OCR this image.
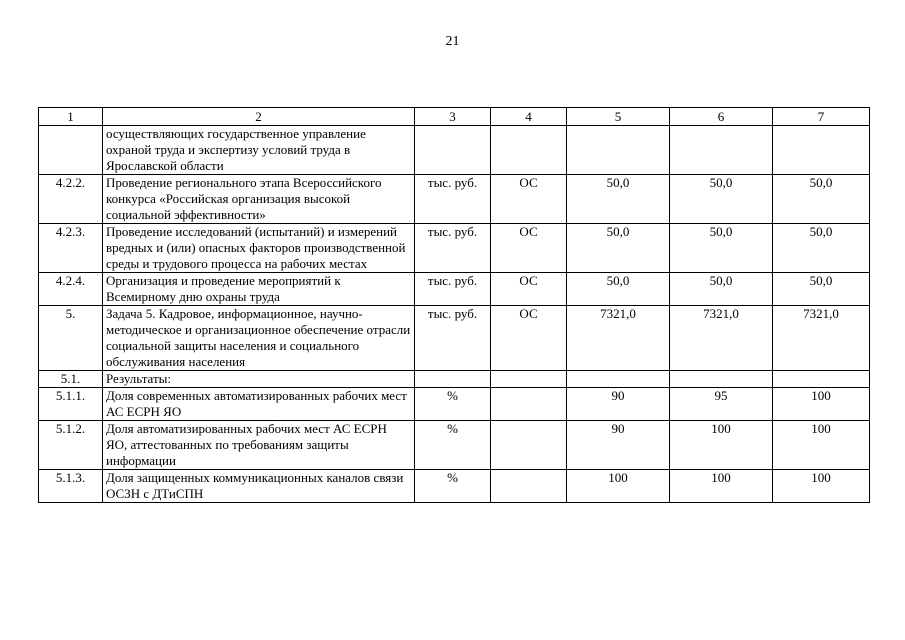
21
1	2	3	4	5	6	7
	осуществляющих государственное управление охраной труда и экспертизу условий труда в Ярославской области					
4.2.2.	Проведение регионального этапа Всероссийского конкурса «Российская организация высокой социальной эффективности»	тыс. руб.	ОС	50,0	50,0	50,0
4.2.3.	Проведение исследований (испытаний) и измерений вредных и (или) опасных факторов производственной среды и трудового процесса на рабочих местах	тыс. руб.	ОС	50,0	50,0	50,0
4.2.4.	Организация и проведение мероприятий к Всемирному дню охраны труда	тыс. руб.	ОС	50,0	50,0	50,0
5.	Задача 5. Кадровое, информационное, научно-методическое и организационное обеспечение отрасли социальной защиты населения и социального обслуживания населения	тыс. руб.	ОС	7321,0	7321,0	7321,0
5.1.	Результаты:					
5.1.1.	Доля современных автоматизированных рабочих мест АС ЕСРН ЯО	%		90	95	100
5.1.2.	Доля автоматизированных рабочих мест АС ЕСРН ЯО, аттестованных по требованиям защиты информации	%		90	100	100
5.1.3.	Доля защищенных коммуникационных каналов связи ОСЗН с ДТиСПН	%		100	100	100
